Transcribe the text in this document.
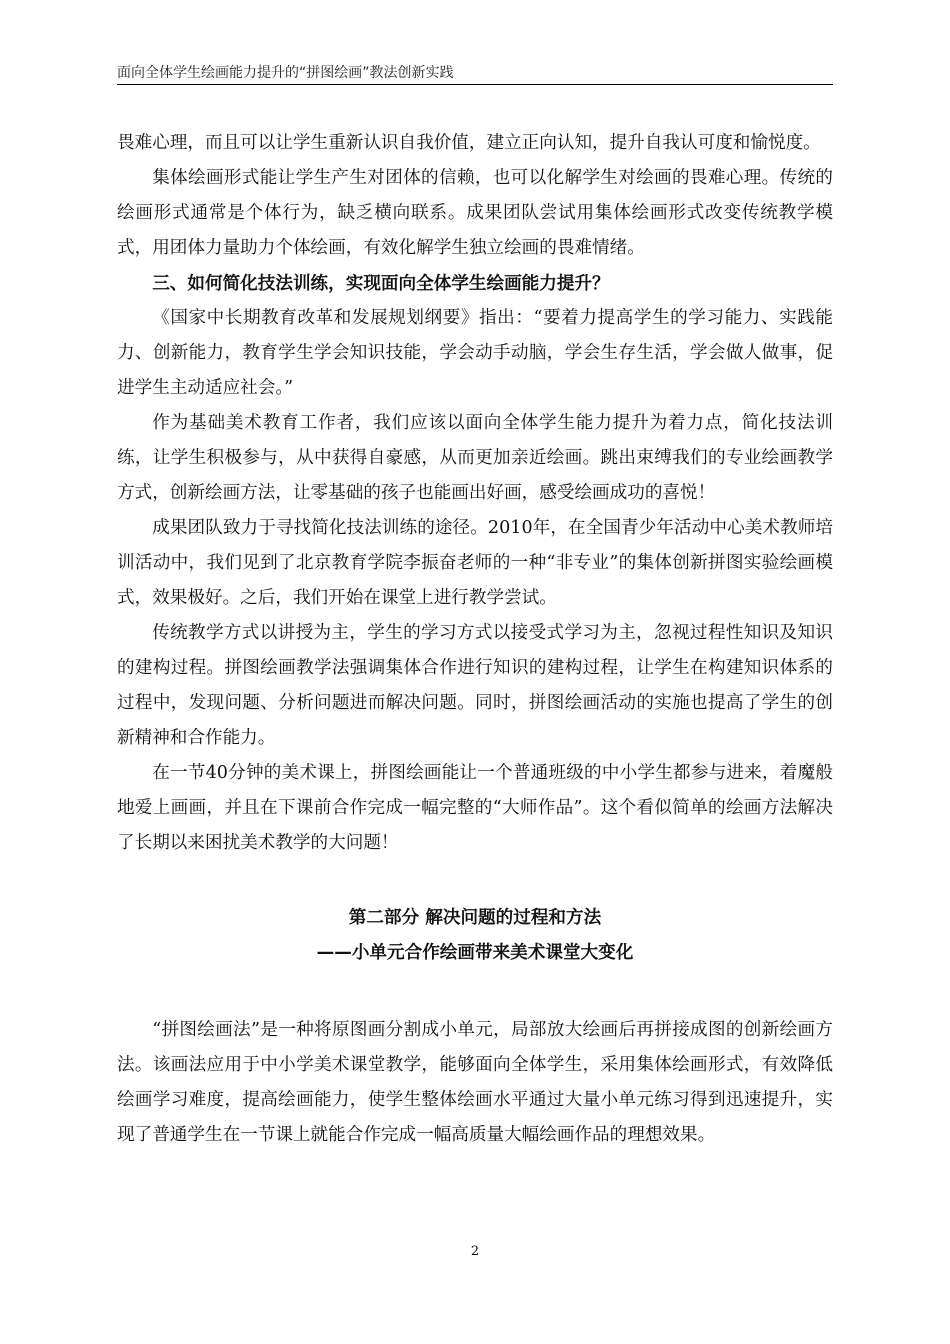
面向全体学生绘画能力提升的“拼图绘画”教法创新实践

畏难心理，而且可以让学生重新认识自我价值，建立正向认知，提升自我认可度和愉悦度。

集体绘画形式能让学生产生对团体的信赖，也可以化解学生对绘画的畏难心理。传统的绘画形式通常是个体行为，缺乏横向联系。成果团队尝试用集体绘画形式改变传统教学模式，用团体力量助力个体绘画，有效化解学生独立绘画的畏难情绪。

三、如何简化技法训练，实现面向全体学生绘画能力提升？

《国家中长期教育改革和发展规划纲要》指出：“要着力提高学生的学习能力、实践能力、创新能力，教育学生学会知识技能，学会动手动脑，学会生存生活，学会做人做事，促进学生主动适应社会。”

作为基础美术教育工作者，我们应该以面向全体学生能力提升为着力点，简化技法训练，让学生积极参与，从中获得自豪感，从而更加亲近绘画。跳出束缚我们的专业绘画教学方式，创新绘画方法，让零基础的孩子也能画出好画，感受绘画成功的喜悦！

成果团队致力于寻找简化技法训练的途径。2010年，在全国青少年活动中心美术教师培训活动中，我们见到了北京教育学院李振奋老师的一种“非专业”的集体创新拼图实验绘画模式，效果极好。之后，我们开始在课堂上进行教学尝试。

传统教学方式以讲授为主，学生的学习方式以接受式学习为主，忽视过程性知识及知识的建构过程。拼图绘画教学法强调集体合作进行知识的建构过程，让学生在构建知识体系的过程中，发现问题、分析问题进而解决问题。同时，拼图绘画活动的实施也提高了学生的创新精神和合作能力。

在一节40分钟的美术课上，拼图绘画能让一个普通班级的中小学生都参与进来，着魔般地爱上画画，并且在下课前合作完成一幅完整的“大师作品”。这个看似简单的绘画方法解决了长期以来困扰美术教学的大问题！

第二部分 解决问题的过程和方法

——小单元合作绘画带来美术课堂大变化

“拼图绘画法”是一种将原图画分割成小单元，局部放大绘画后再拼接成图的创新绘画方法。该画法应用于中小学美术课堂教学，能够面向全体学生，采用集体绘画形式，有效降低绘画学习难度，提高绘画能力，使学生整体绘画水平通过大量小单元练习得到迅速提升，实现了普通学生在一节课上就能合作完成一幅高质量大幅绘画作品的理想效果。

2
